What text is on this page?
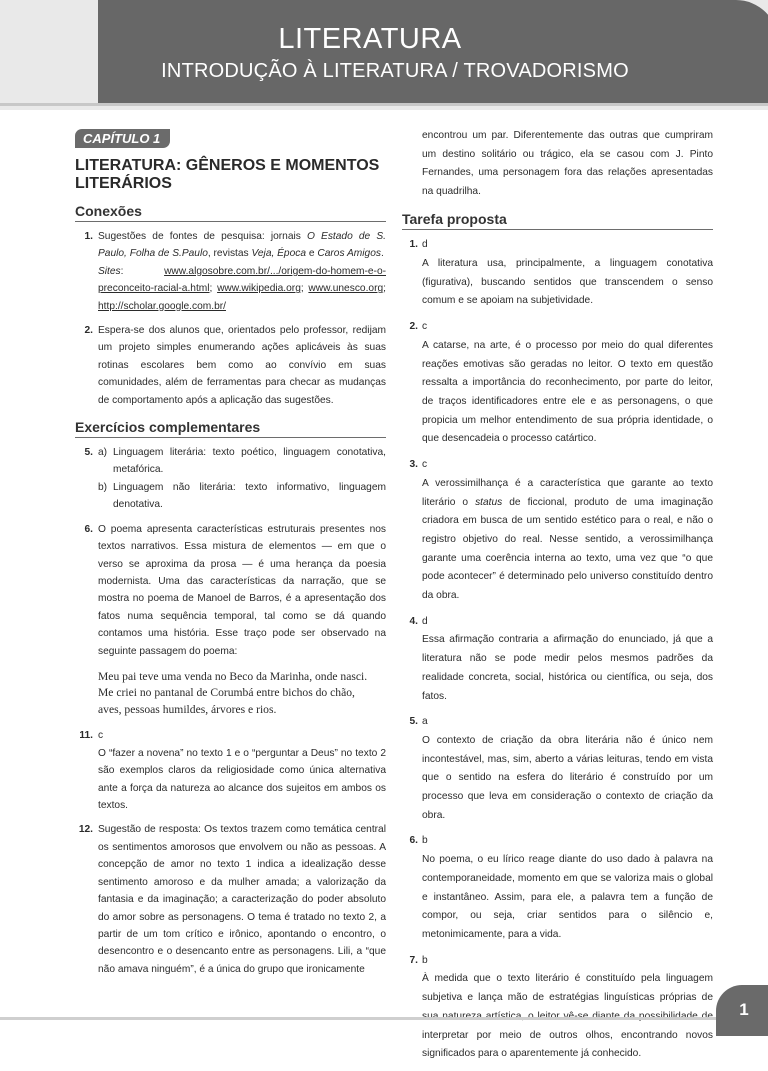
LITERATURA
INTRODUÇÃO À LITERATURA / TROVADORISMO
CAPÍTULO 1
LITERATURA: GÊNEROS E MOMENTOS LITERÁRIOS
Conexões
1. Sugestões de fontes de pesquisa: jornais O Estado de S. Paulo, Folha de S.Paulo, revistas Veja, Época e Caros Amigos.
Sites: www.algosobre.com.br/.../origem-do-homem-e-o-preconceito-racial-a.html; www.wikipedia.org; www.unesco.org; http://scholar.google.com.br/
2. Espera-se dos alunos que, orientados pelo professor, redijam um projeto simples enumerando ações aplicáveis às suas rotinas escolares bem como ao convívio em suas comunidades, além de ferramentas para checar as mudanças de comportamento após a aplicação das sugestões.
Exercícios complementares
5. a) Linguagem literária: texto poético, linguagem conotativa, metafórica.
b) Linguagem não literária: texto informativo, linguagem denotativa.
6. O poema apresenta características estruturais presentes nos textos narrativos. Essa mistura de elementos — em que o verso se aproxima da prosa — é uma herança da poesia modernista. Uma das características da narração, que se mostra no poema de Manoel de Barros, é a apresentação dos fatos numa sequência temporal, tal como se dá quando contamos uma história. Esse traço pode ser observado na seguinte passagem do poema:

Meu pai teve uma venda no Beco da Marinha, onde nasci.
Me criei no pantanal de Corumbá entre bichos do chão,
aves, pessoas humildes, árvores e rios.
11. c

O “fazer a novena” no texto 1 e o “perguntar a Deus” no texto 2 são exemplos claros da religiosidade como única alternativa ante a força da natureza ao alcance dos sujeitos em ambos os textos.

12. Sugestão de resposta: Os textos trazem como temática central os sentimentos amorosos que envolvem ou não as pessoas. A concepção de amor no texto 1 indica a idealização desse sentimento amoroso e da mulher amada; a valorização da fantasia e da imaginação; a caracterização do poder absoluto do amor sobre as personagens. O tema é tratado no texto 2, a partir de um tom crítico e irônico, apontando o encontro, o desencontro e o desencanto entre as personagens. Lili, a “que não amava ninguém”, é a única do grupo que ironicamente

encontrou um par. Diferentemente das outras que cumpriram um destino solitário ou trágico, ela se casou com J. Pinto Fernandes, uma personagem fora das relações apresentadas na quadrilha.

Tarefa proposta
1. d

A literatura usa, principalmente, a linguagem conotativa (figurativa), buscando sentidos que transcendem o senso comum e se apoiam na subjetividade.

2. c

A catarse, na arte, é o processo por meio do qual diferentes reações emotivas são geradas no leitor. O texto em questão ressalta a importância do reconhecimento, por parte do leitor, de traços identificadores entre ele e as personagens, o que propicia um melhor entendimento de sua própria identidade, o que desencadeia o processo catártico.

3. c

A verossimilhança é a característica que garante ao texto literário o status de ficcional, produto de uma imaginação criadora em busca de um sentido estético para o real, e não o registro objetivo do real. Nesse sentido, a verossimilhança garante uma coerência interna ao texto, uma vez que “o que pode acontecer” é determinado pelo universo constituído dentro da obra.

4. d

Essa afirmação contraria a afirmação do enunciado, já que a literatura não se pode medir pelos mesmos padrões da realidade concreta, social, histórica ou científica, ou seja, dos fatos.

5. a

O contexto de criação da obra literária não é único nem incontestável, mas, sim, aberto a várias leituras, tendo em vista que o sentido na esfera do literário é construído por um processo que leva em consideração o contexto de criação da obra.

6. b

No poema, o eu lírico reage diante do uso dado à palavra na contemporaneidade, momento em que se valoriza mais o global e instantâneo. Assim, para ele, a palavra tem a função de compor, ou seja, criar sentidos para o silêncio e, metonimicamente, para a vida.

7. b

À medida que o texto literário é constituído pela linguagem subjetiva e lança mão de estratégias linguísticas próprias de interpretar por meio de outros olhos, encontrando novos significados para o aparentemente já conhecido.

1
